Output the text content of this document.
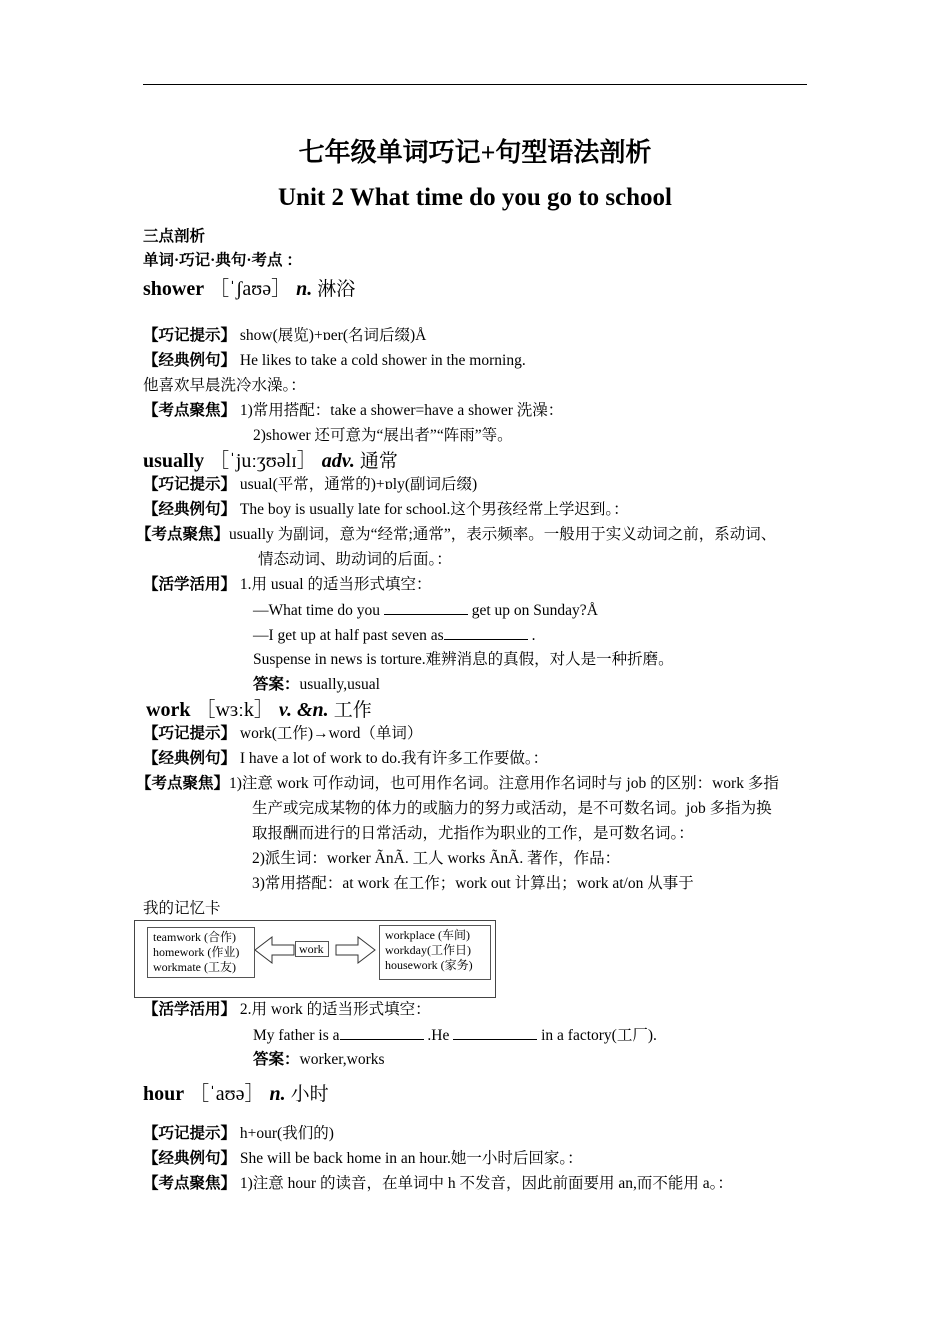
七年级单词巧记+句型语法剖析
Unit 2 What time do you go to school
三点剖析
单词·巧记·典句·考点 ：
shower ［ˈʃaʊə］ n. 淋浴
【巧记提示】 show(展览)+ɒer(名词后缀)Å
【经典例句】 He likes to take a cold shower in the morning.
他喜欢早晨洗冷水澡。：
【考点聚焦】 1)常用搭配：take a shower=have a shower 洗澡：
2)shower 还可意为“展出者”“阵雨”等。
usually ［ˈjuːʒʊəlɪ］ adv. 通常
【巧记提示】 usual(平常，通常的)+ɒly(副词后缀)
【经典例句】 The boy is usually late for school.这个男孩经常上学迟到。：
【考点聚焦】usually 为副词，意为“经常;通常”，表示频率。一般用于实义动词之前，系动词、
情态动词、助动词的后面。：
【活学活用】 1.用 usual 的适当形式填空：
—What time do you	get up on Sunday?Å
—I get up at half past seven as	.
Suspense in news is torture.难辨消息的真假，对人是一种折磨。
答案：usually,usual
work ［wɜːk］ v. &n. 工作
【巧记提示】 work(工作)→word（单词）
【经典例句】 I have a lot of work to do.我有许多工作要做。：
【考点聚焦】1)注意 work 可作动词，也可用作名词。注意用作名词时与 job 的区别：work 多指
生产或完成某物的体力的或脑力的努力或活动，是不可数名词。job 多指为换
取报酬而进行的日常活动，尤指作为职业的工作，是可数名词。：
2)派生词：worker ÃnÃ. 工人 works ÃnÃ. 著作，作品：
3)常用搭配：at work 在工作；work out 计算出；work at/on 从事于
我的记忆卡
teamwork (合作)
homework (作业)
workmate (工友)
work
workplace (车间)
workday(工作日)
housework (家务)
【活学活用】 2.用 work 的适当形式填空：
My father is a	.He	in a factory(工厂).
答案：worker,works
hour ［ˈaʊə］ n. 小时
【巧记提示】 h+our(我们的)
【经典例句】 She will be back home in an hour.她一小时后回家。：
【考点聚焦】 1)注意 hour 的读音，在单词中 h 不发音，因此前面要用 an,而不能用 a。：
